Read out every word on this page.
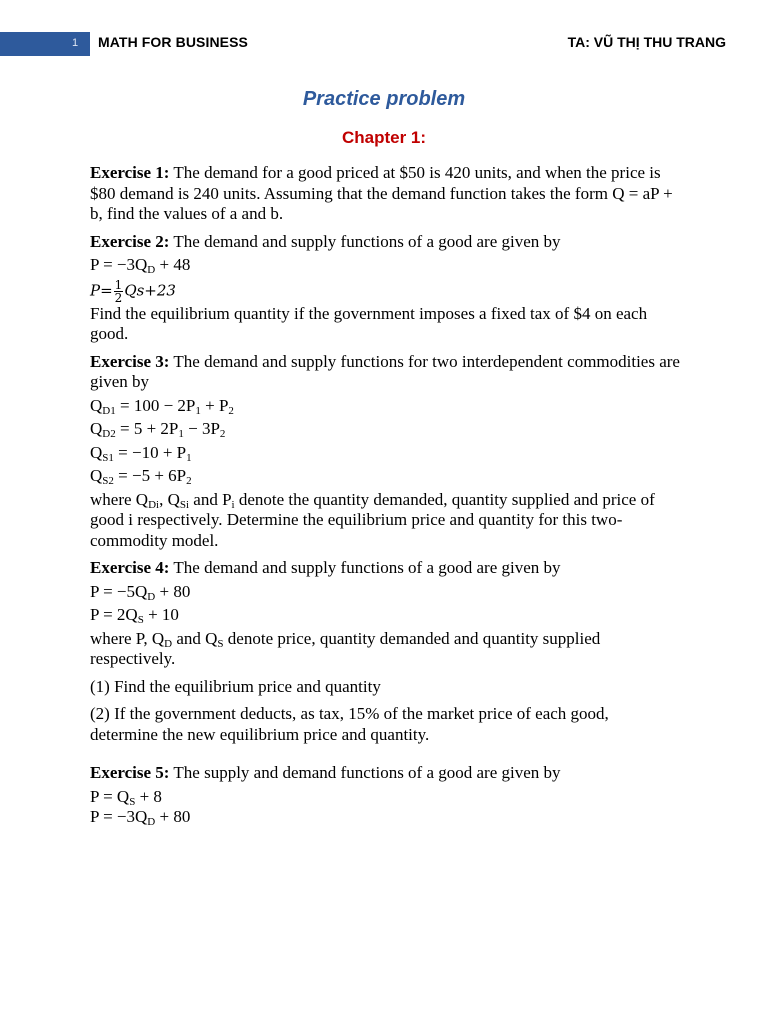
1 MATH FOR BUSINESS	TA: VŨ THỊ THU TRANG
Practice problem
Chapter 1:

Exercise 1: The demand for a good priced at $50 is 420 units, and when the price is $80 demand is 240 units. Assuming that the demand function takes the form Q = aP + b, find the values of a and b.

Exercise 2: The demand and supply functions of a good are given by

$P = -3Q_D + 48$

$P= \frac{1}{2} Qs+23$

Find the equilibrium quantity if the government imposes a fixed tax of $4 on each good.

Exercise 3: The demand and supply functions for two interdependent commodities are given by

$Q_{D1} = 100 - 2P_1 + P_2$

$Q_{D2} = 5 + 2P_1 - 3P_2$

$Q_{S1} = -10 + P_1$

$Q_{S2} = -5 + 6P_2$

where $Q_{Di}$, $Q_{Si}$ and $P_i$ denote the quantity demanded, quantity supplied and price of good i respectively. Determine the equilibrium price and quantity for this two-commodity model.

Exercise 4: The demand and supply functions of a good are given by

$P = -5Q_D + 80$

$P = 2Q_S + 10$

where P, $Q_D$ and $Q_S$ denote price, quantity demanded and quantity supplied respectively.

(1) Find the equilibrium price and quantity

(2) If the government deducts, as tax, 15% of the market price of each good, determine the new equilibrium price and quantity.

Exercise 5: The supply and demand functions of a good are given by

$P = Q_S + 8$

$P = -3Q_D + 80$
